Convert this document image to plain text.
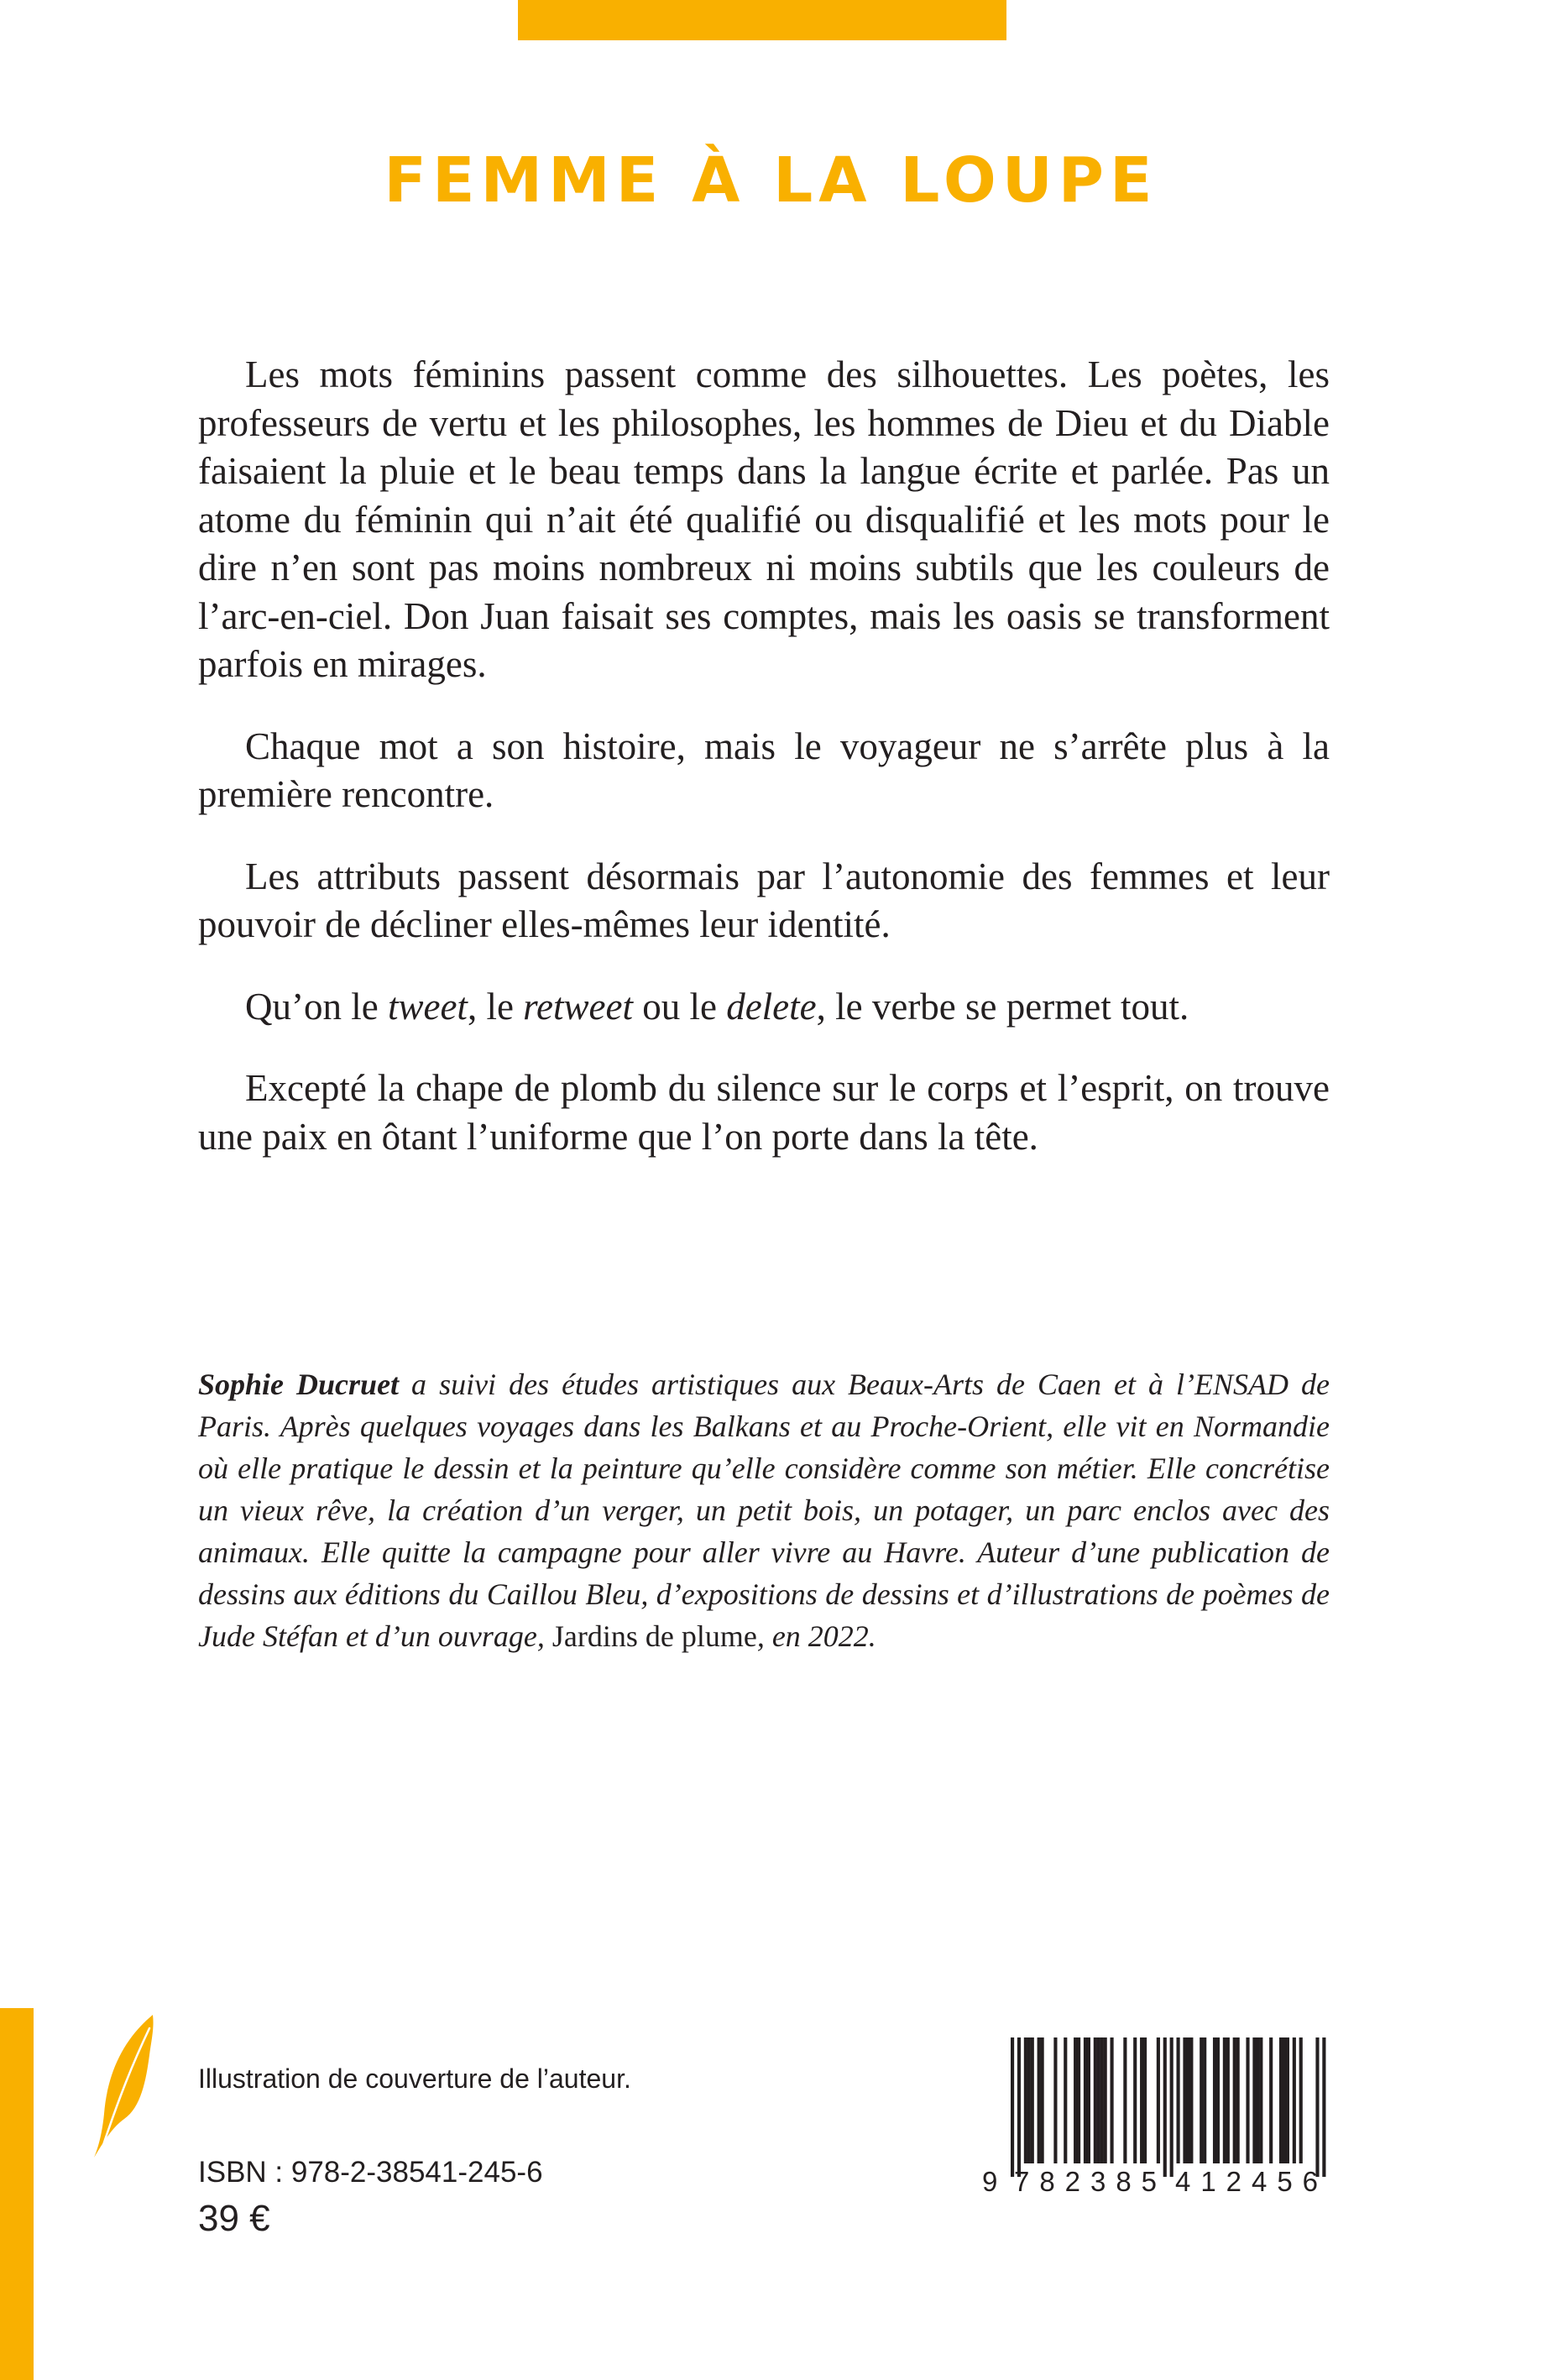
FEMME À LA LOUPE

Les mots féminins passent comme des silhouettes. Les poètes, les professeurs de vertu et les philosophes, les hommes de Dieu et du Diable faisaient la pluie et le beau temps dans la langue écrite et parlée. Pas un atome du féminin qui n’ait été qualifié ou disqualifié et les mots pour le dire n’en sont pas moins nombreux ni moins subtils que les couleurs de l’arc-en-ciel. Don Juan faisait ses comptes, mais les oasis se transforment parfois en mirages.

Chaque mot a son histoire, mais le voyageur ne s’arrête plus à la première rencontre.

Les attributs passent désormais par l’autonomie des femmes et leur pouvoir de décliner elles-mêmes leur identité.

Qu’on le tweet, le retweet ou le delete, le verbe se permet tout.

Excepté la chape de plomb du silence sur le corps et l’esprit, on trouve une paix en ôtant l’uniforme que l’on porte dans la tête.

Sophie Ducruet a suivi des études artistiques aux Beaux-Arts de Caen et à l’ENSAD de Paris. Après quelques voyages dans les Balkans et au Proche-Orient, elle vit en Normandie où elle pratique le dessin et la peinture qu’elle considère comme son métier. Elle concrétise un vieux rêve, la création d’un verger, un petit bois, un potager, un parc enclos avec des animaux. Elle quitte la campagne pour aller vivre au Havre. Auteur d’une publication de dessins aux éditions du Caillou Bleu, d’expositions de dessins et d’illustrations de poèmes de Jude Stéfan et d’un ouvrage, Jardins de plume, en 2022.

Illustration de couverture de l’auteur.
ISBN : 978-2-38541-245-6
39 €
9 782385 412456
